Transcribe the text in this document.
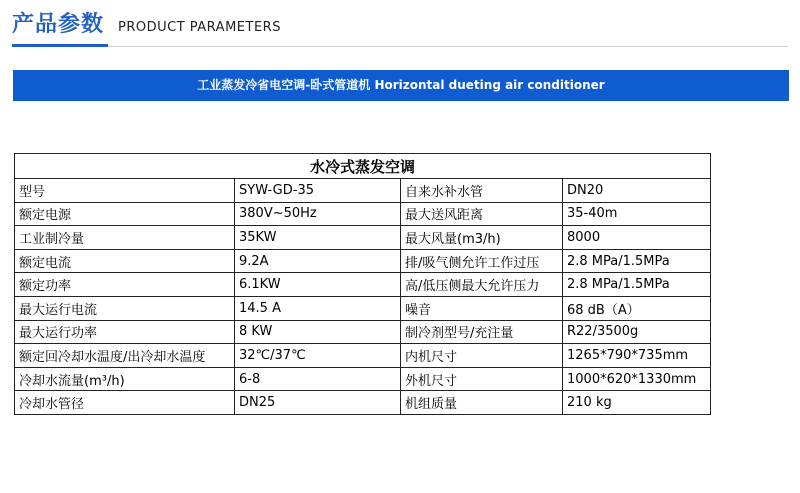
产品参数 PRODUCT PARAMETERS
工业蒸发冷省电空调-卧式管道机 Horizontal dueting air conditioner
水冷式蒸发空调			
型号	SYW-GD-35	自来水补水管	DN20
额定电源	380V~50Hz	最大送风距离	35-40m
工业制冷量	35KW	最大风量(m3/h)	8000
额定电流	9.2A	排/吸气侧允许工作过压	2.8 MPa/1.5MPa
额定功率	6.1KW	高/低压侧最大允许压力	2.8 MPa/1.5MPa
最大运行电流	14.5 A	噪音	68 dB（A）
最大运行功率	8 KW	制冷剂型号/充注量	R22/3500g
额定回冷却水温度/出冷却水温度	32℃/37℃	内机尺寸	1265*790*735mm
冷却水流量(m³/h)	6-8	外机尺寸	1000*620*1330mm
冷却水管径	DN25	机组质量	210 kg
